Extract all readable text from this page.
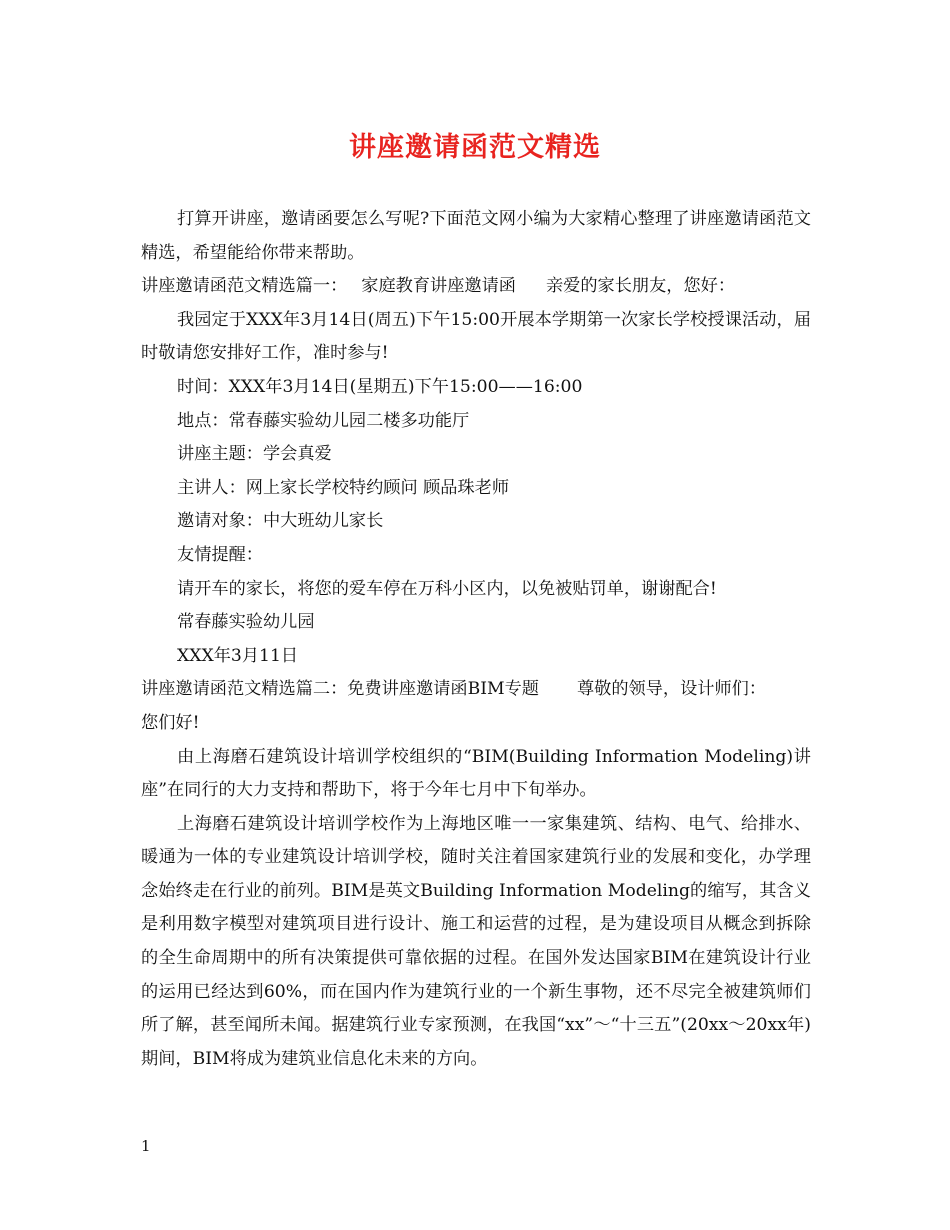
讲座邀请函范文精选

打算开讲座，邀请函要怎么写呢?下面范文网小编为大家精心整理了讲座邀请函范文精选，希望能给你带来帮助。

讲座邀请函范文精选篇一： 家庭教育讲座邀请函 亲爱的家长朋友，您好：

我园定于XXX年3月14日(周五)下午15:00开展本学期第一次家长学校授课活动，届时敬请您安排好工作，准时参与!

时间：XXX年3月14日(星期五)下午15:00——16:00

地点：常春藤实验幼儿园二楼多功能厅

讲座主题：学会真爱

主讲人：网上家长学校特约顾问 顾品珠老师

邀请对象：中大班幼儿家长

友情提醒：

请开车的家长，将您的爱车停在万科小区内，以免被贴罚单，谢谢配合!

常春藤实验幼儿园

XXX年3月11日

讲座邀请函范文精选篇二：免费讲座邀请函BIM专题 尊敬的领导，设计师们：

您们好!

由上海磨石建筑设计培训学校组织的“BIM(Building Information Modeling)讲座”在同行的大力支持和帮助下，将于今年七月中下旬举办。

上海磨石建筑设计培训学校作为上海地区唯一一家集建筑、结构、电气、给排水、暖通为一体的专业建筑设计培训学校，随时关注着国家建筑行业的发展和变化，办学理念始终走在行业的前列。BIM是英文Building Information Modeling的缩写，其含义是利用数字模型对建筑项目进行设计、施工和运营的过程，是为建设项目从概念到拆除的全生命周期中的所有决策提供可靠依据的过程。在国外发达国家BIM在建筑设计行业的运用已经达到60%，而在国内作为建筑行业的一个新生事物，还不尽完全被建筑师们所了解，甚至闻所未闻。据建筑行业专家预测，在我国“xx”～“十三五”(20xx～20xx年)期间，BIM将成为建筑业信息化未来的方向。

1
